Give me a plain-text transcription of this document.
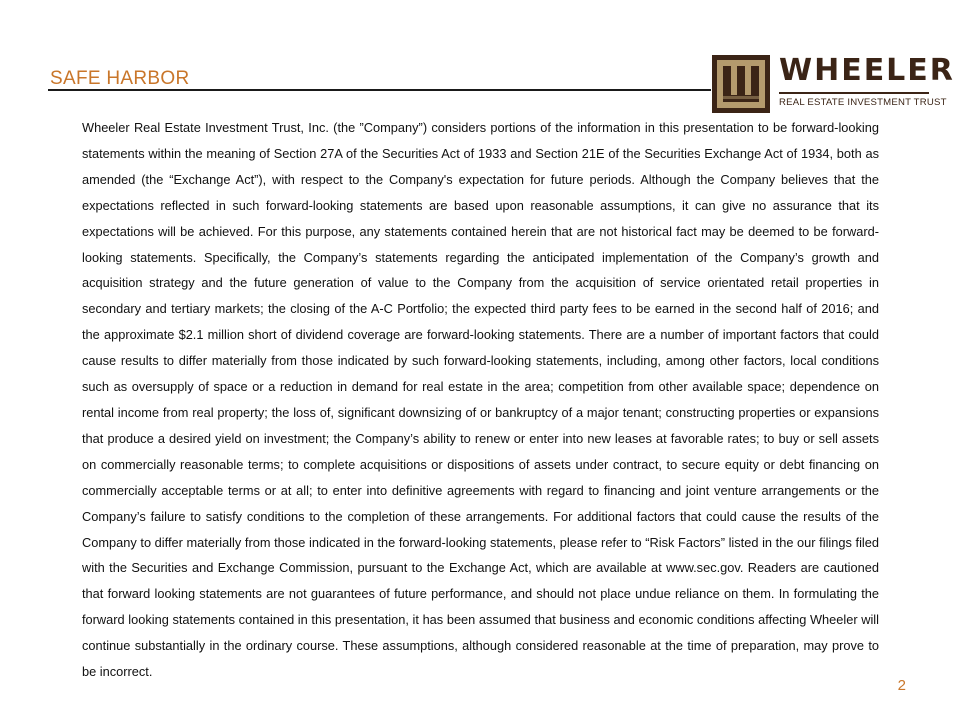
SAFE HARBOR	WHEELER
REAL ESTATE INVESTMENT TRUST

Wheeler Real Estate Investment Trust, Inc. (the ”Company”) considers portions of the information in this presentation to be forward-looking statements within the meaning of Section 27A of the Securities Act of 1933 and Section 21E of the Securities Exchange Act of 1934, both as amended (the “Exchange Act”), with respect to the Company's expectation for future periods. Although the Company believes that the expectations reflected in such forward-looking statements are based upon reasonable assumptions, it can give no assurance that its expectations will be achieved. For this purpose, any statements contained herein that are not historical fact may be deemed to be forward-looking statements. Specifically, the Company’s statements regarding the anticipated implementation of the Company’s growth and acquisition strategy and the future generation of value to the Company from the acquisition of service orientated retail properties in secondary and tertiary markets; the closing of the A-C Portfolio; the expected third party fees to be earned in the second half of 2016; and the approximate $2.1 million short of dividend coverage are forward-looking statements. There are a number of important factors that could cause results to differ materially from those indicated by such forward-looking statements, including, among other factors, local conditions such as oversupply of space or a reduction in demand for real estate in the area; competition from other available space; dependence on rental income from real property; the loss of, significant downsizing of or bankruptcy of a major tenant; constructing properties or expansions that produce a desired yield on investment; the Company’s ability to renew or enter into new leases at favorable rates; to buy or sell assets on commercially reasonable terms; to complete acquisitions or dispositions of assets under contract, to secure equity or debt financing on commercially acceptable terms or at all; to enter into definitive agreements with regard to financing and joint venture arrangements or the Company’s failure to satisfy conditions to the completion of these arrangements. For additional factors that could cause the results of the Company to differ materially from those indicated in the forward-looking statements, please refer to “Risk Factors” listed in the our filings filed with the Securities and Exchange Commission, pursuant to the Exchange Act, which are available at www.sec.gov. Readers are cautioned that forward looking statements are not guarantees of future performance, and should not place undue reliance on them. In formulating the forward looking statements contained in this presentation, it has been assumed that business and economic conditions affecting Wheeler will continue substantially in the ordinary course. These assumptions, although considered reasonable at the time of preparation, may prove to be incorrect.

2
